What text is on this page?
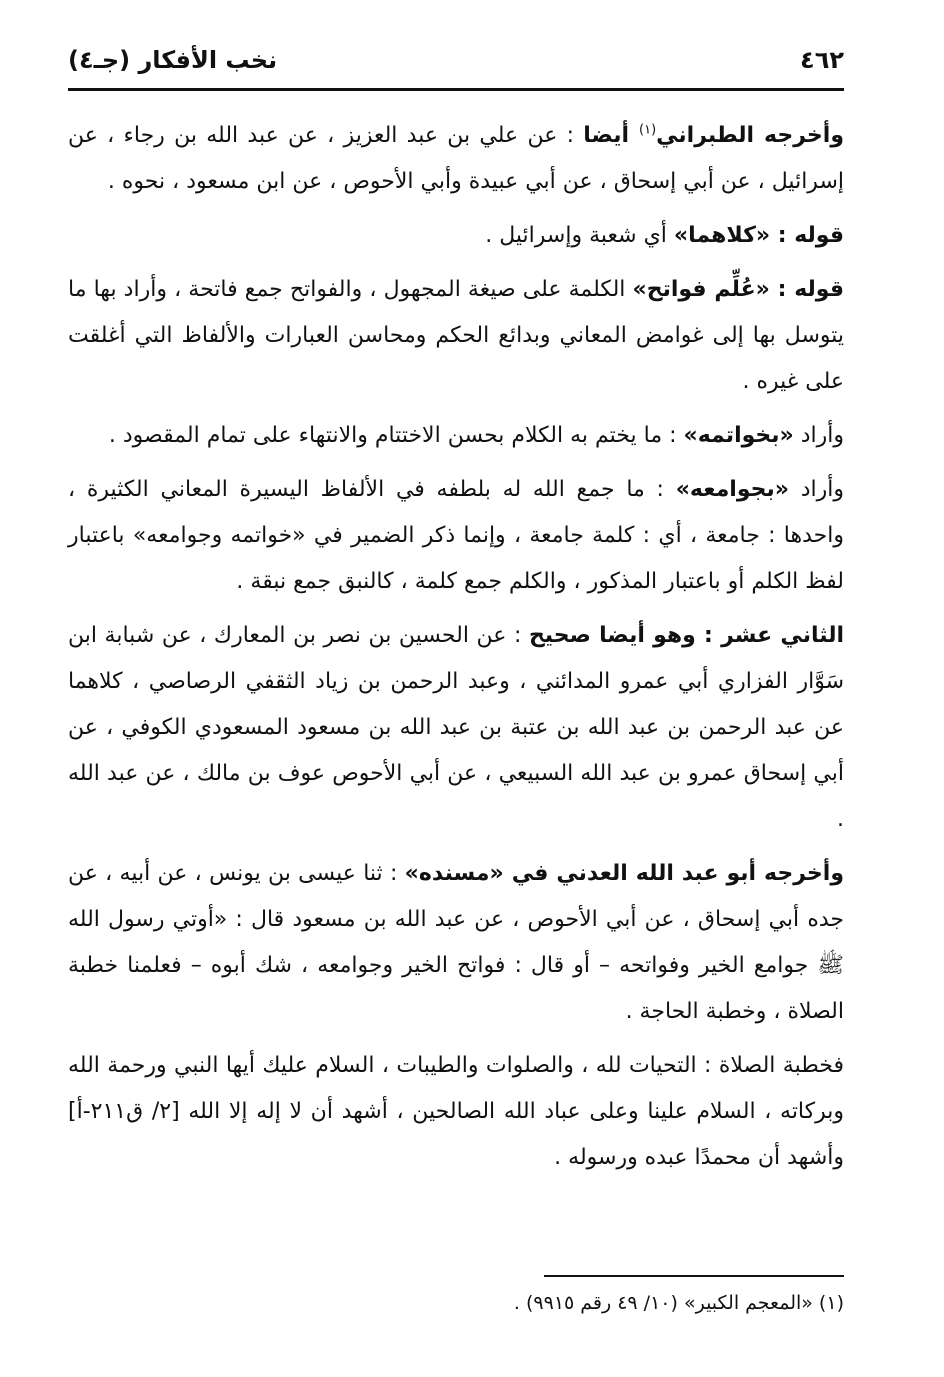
٤٦٢
نخب الأفكار (جـ٤)

وأخرجه الطبراني$^{(١)}$ أيضا : عن علي بن عبد العزيز ، عن عبد الله بن رجاء ، عن إسرائيل ، عن أبي إسحاق ، عن أبي عبيدة وأبي الأحوص ، عن ابن مسعود ، نحوه .

قوله : «كلاهما» أي شعبة وإسرائيل .

قوله : «عُلِّم فواتح» الكلمة على صيغة المجهول ، والفواتح جمع فاتحة ، وأراد بها ما يتوسل بها إلى غوامض المعاني وبدائع الحكم ومحاسن العبارات والألفاظ التي أغلقت على غيره .

وأراد «بخواتمه» : ما يختم به الكلام بحسن الاختتام والانتهاء على تمام المقصود .

وأراد «بجوامعه» : ما جمع الله له بلطفه في الألفاظ اليسيرة المعاني الكثيرة ، واحدها : جامعة ، أي : كلمة جامعة ، وإنما ذكر الضمير في «خواتمه وجوامعه» باعتبار لفظ الكلم أو باعتبار المذكور ، والكلم جمع كلمة ، كالنبق جمع نبقة .

الثاني عشر : وهو أيضا صحيح : عن الحسين بن نصر بن المعارك ، عن شبابة ابن سَوَّار الفزاري أبي عمرو المدائني ، وعبد الرحمن بن زياد الثقفي الرصاصي ، كلاهما عن عبد الرحمن بن عبد الله بن عتبة بن عبد الله بن مسعود المسعودي الكوفي ، عن أبي إسحاق عمرو بن عبد الله السبيعي ، عن أبي الأحوص عوف بن مالك ، عن عبد الله .

وأخرجه أبو عبد الله العدني في «مسنده» : ثنا عيسى بن يونس ، عن أبيه ، عن جده أبي إسحاق ، عن أبي الأحوص ، عن عبد الله بن مسعود قال : «أوتي رسول الله ﷺ جوامع الخير وفواتحه – أو قال : فواتح الخير وجوامعه ، شك أبوه – فعلمنا خطبة الصلاة ، وخطبة الحاجة .

فخطبة الصلاة : التحيات لله ، والصلوات والطيبات ، السلام عليك أيها النبي ورحمة الله وبركاته ، السلام علينا وعلى عباد الله الصالحين ، أشهد أن لا إله إلا الله [٢/ ق٢١١-أ] وأشهد أن محمدًا عبده ورسوله .

(١) «المعجم الكبير» (١٠/ ٤٩ رقم ٩٩١٥) .
